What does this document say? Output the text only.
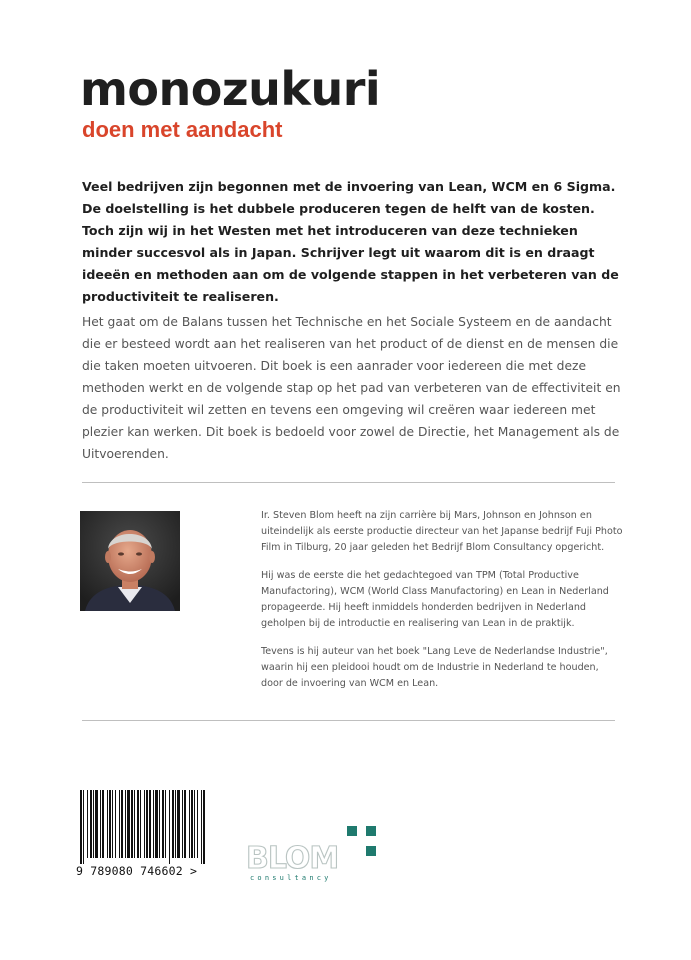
monozukuri
doen met aandacht

Veel bedrijven zijn begonnen met de invoering van Lean, WCM en 6 Sigma. De doelstelling is het dubbele produceren tegen de helft van de kosten. Toch zijn wij in het Westen met het introduceren van deze technieken minder succesvol als in Japan. Schrijver legt uit waarom dit is en draagt ideeën en methoden aan om de volgende stappen in het verbeteren van de productiviteit te realiseren.

Het gaat om de Balans tussen het Technische en het Sociale Systeem en de aandacht die er besteed wordt aan het realiseren van het product of de dienst en de mensen die die taken moeten uitvoeren. Dit boek is een aanrader voor iedereen die met deze methoden werkt en de volgende stap op het pad van verbeteren van de effectiviteit en de productiviteit wil zetten en tevens een omgeving wil creëren waar iedereen met plezier kan werken. Dit boek is bedoeld voor zowel de Directie, het Management als de Uitvoerenden.

Ir. Steven Blom heeft na zijn carrière bij Mars, Johnson en Johnson en uiteindelijk als eerste productie directeur van het Japanse bedrijf Fuji Photo Film in Tilburg, 20 jaar geleden het Bedrijf Blom Consultancy opgericht.

Hij was de eerste die het gedachtegoed van TPM (Total Productive Manufactoring), WCM (World Class Manufactoring) en Lean in Nederland propageerde. Hij heeft inmiddels honderden bedrijven in Nederland geholpen bij de introductie en realisering van Lean in de praktijk.

Tevens is hij auteur van het boek "Lang Leve de Nederlandse Industrie", waarin hij een pleidooi houdt om de Industrie in Nederland te houden, door de invoering van WCM en Lean.

9 789080 746602 >	BLOM
consultancy
